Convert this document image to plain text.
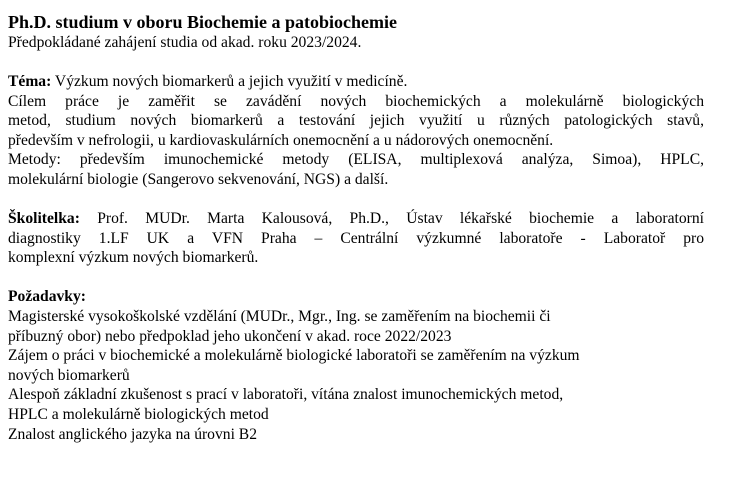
Ph.D. studium v oboru Biochemie a patobiochemie

Předpokládané zahájení studia od akad. roku 2023/2024.

Téma: Výzkum nových biomarkerů a jejich využití v medicíně.

Cílem práce je zaměřit se zavádění nových biochemických a molekulárně biologických

metod, studium nových biomarkerů a testování jejich využití u různých patologických stavů,

především v nefrologii, u kardiovaskulárních onemocnění a u nádorových onemocnění.

Metody: především imunochemické metody (ELISA, multiplexová analýza, Simoa), HPLC,

molekulární biologie (Sangerovo sekvenování, NGS) a další.

Školitelka: Prof. MUDr. Marta Kalousová, Ph.D., Ústav lékařské biochemie a laboratorní

diagnostiky 1.LF UK a VFN Praha – Centrální výzkumné laboratoře - Laboratoř pro

komplexní výzkum nových biomarkerů.

Požadavky:

Magisterské vysokoškolské vzdělání (MUDr., Mgr., Ing. se zaměřením na biochemii či

příbuzný obor) nebo předpoklad jeho ukončení v akad. roce 2022/2023

Zájem o práci v biochemické a molekulárně biologické laboratoři se zaměřením na výzkum

nových biomarkerů

Alespoň základní zkušenost s prací v laboratoři, vítána znalost imunochemických metod,

HPLC a molekulárně biologických metod

Znalost anglického jazyka na úrovni B2
